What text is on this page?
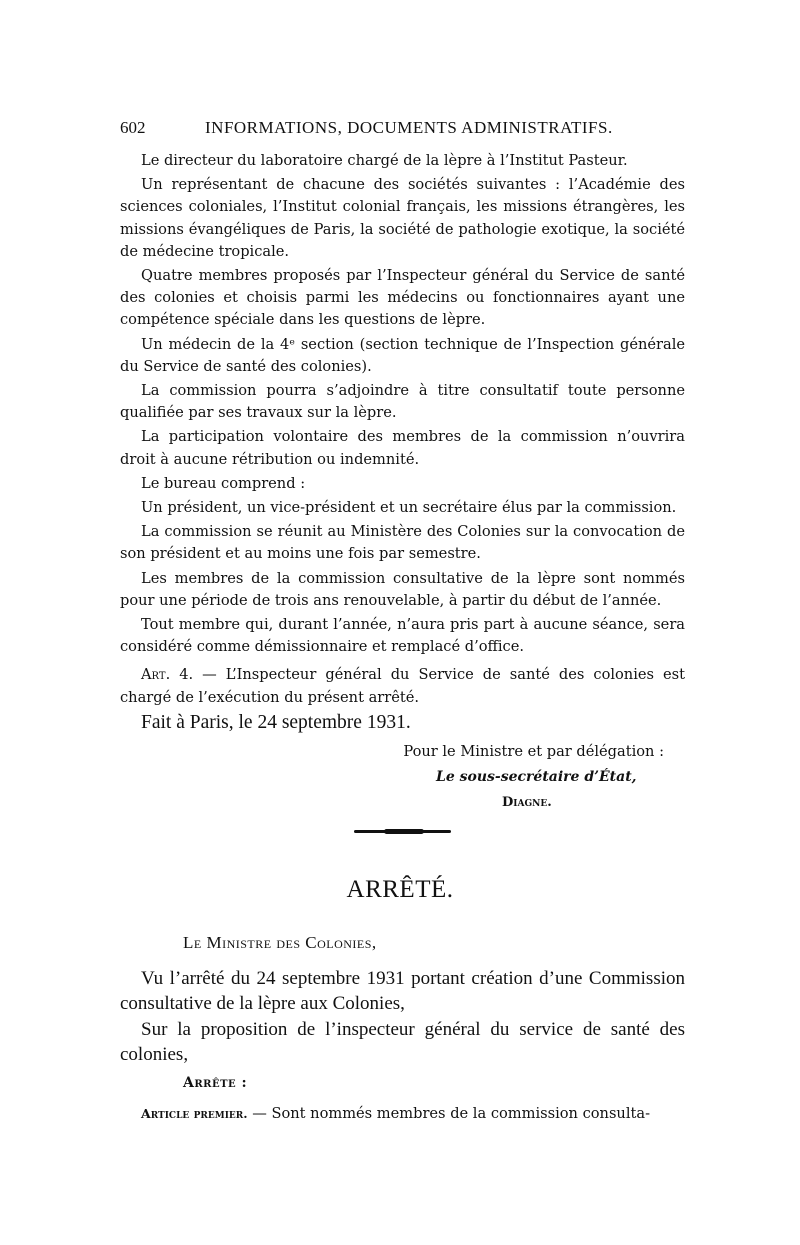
602	INFORMATIONS, DOCUMENTS ADMINISTRATIFS.

Le directeur du laboratoire chargé de la lèpre à l’Institut Pasteur.

Un représentant de chacune des sociétés suivantes : l’Académie des sciences coloniales, l’Institut colonial français, les missions étrangères, les missions évangéliques de Paris, la société de pathologie exotique, la société de médecine tropicale.

Quatre membres proposés par l’Inspecteur général du Service de santé des colonies et choisis parmi les médecins ou fonctionnaires ayant une compétence spéciale dans les questions de lèpre.

Un médecin de la 4ᵉ section (section technique de l’Inspection générale du Service de santé des colonies).

La commission pourra s’adjoindre à titre consultatif toute personne qualifiée par ses travaux sur la lèpre.

La participation volontaire des membres de la commission n’ouvrira droit à aucune rétribution ou indemnité.

Le bureau comprend :

Un président, un vice-président et un secrétaire élus par la commission.

La commission se réunit au Ministère des Colonies sur la convocation de son président et au moins une fois par semestre.

Les membres de la commission consultative de la lèpre sont nommés pour une période de trois ans renouvelable, à partir du début de l’année.

Tout membre qui, durant l’année, n’aura pris part à aucune séance, sera considéré comme démissionnaire et remplacé d’office.

Art. 4. — L’Inspecteur général du Service de santé des colonies est chargé de l’exécution du présent arrêté.

Fait à Paris, le 24 septembre 1931.
Pour le Ministre et par délégation :
Le sous-secrétaire d’État,
Diagne.
ARRÊTÉ.
Le Ministre des Colonies,

Vu l’arrêté du 24 septembre 1931 portant création d’une Commission consultative de la lèpre aux Colonies,

Sur la proposition de l’inspecteur général du service de santé des colonies,

Arrête :
Article premier. — Sont nommés membres de la commission consulta-
